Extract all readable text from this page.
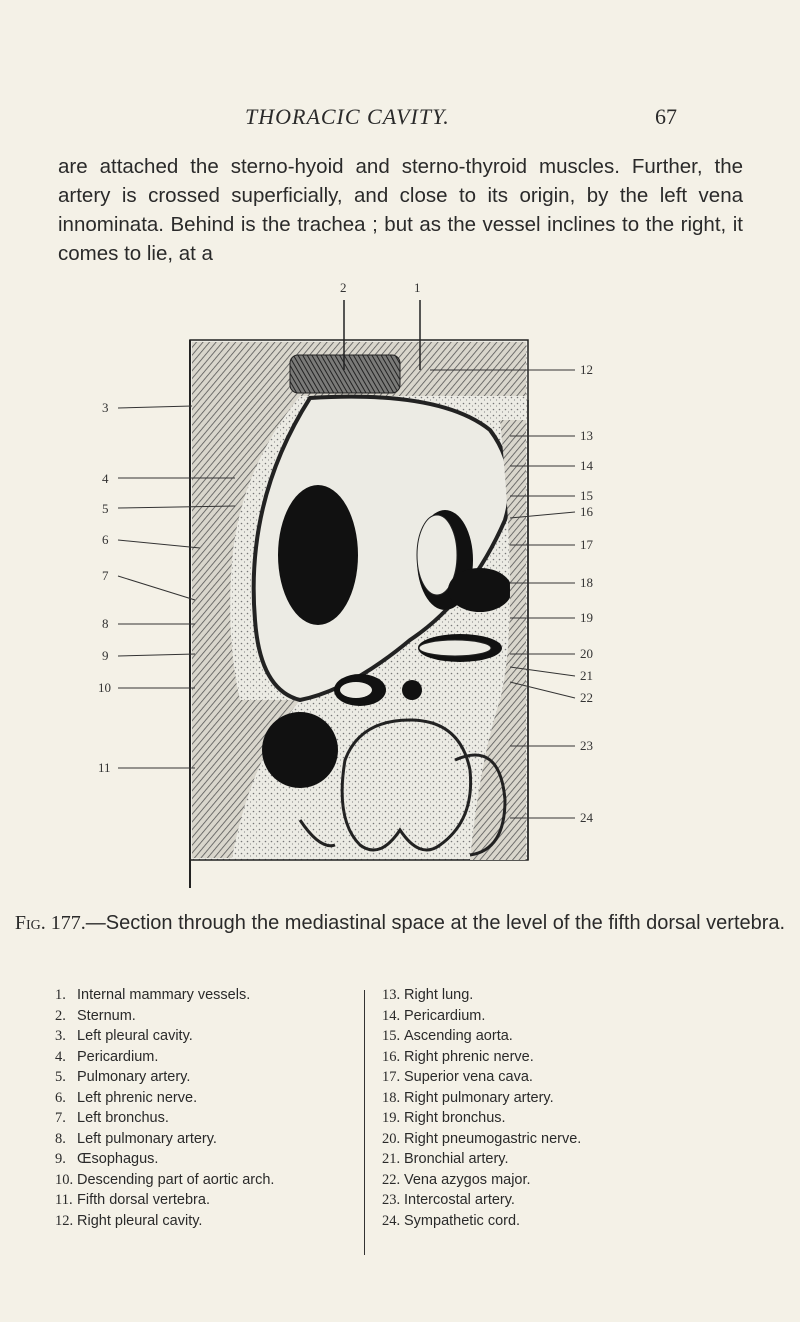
THORACIC CAVITY.	67

are attached the sterno-hyoid and sterno-thyroid muscles. Further, the artery is crossed superficially, and close to its origin, by the left vena innominata. Behind is the trachea ; but as the vessel inclines to the right, it comes to lie, at a

2	1
3
4
5
6
7
8
9
10
11
12
13
14
15
16
17
18
19
20
21
22
23
24
Fig. 177.—Section through the mediastinal space at the level of the fifth dorsal vertebra.
1. Internal mammary vessels.
2. Sternum.
3. Left pleural cavity.
4. Pericardium.
5. Pulmonary artery.
6. Left phrenic nerve.
7. Left bronchus.
8. Left pulmonary artery.
9. Œsophagus.
10. Descending part of aortic arch.
11. Fifth dorsal vertebra.
12. Right pleural cavity.
13. Right lung.
14. Pericardium.
15. Ascending aorta.
16. Right phrenic nerve.
17. Superior vena cava.
18. Right pulmonary artery.
19. Right bronchus.
20. Right pneumogastric nerve.
21. Bronchial artery.
22. Vena azygos major.
23. Intercostal artery.
24. Sympathetic cord.
